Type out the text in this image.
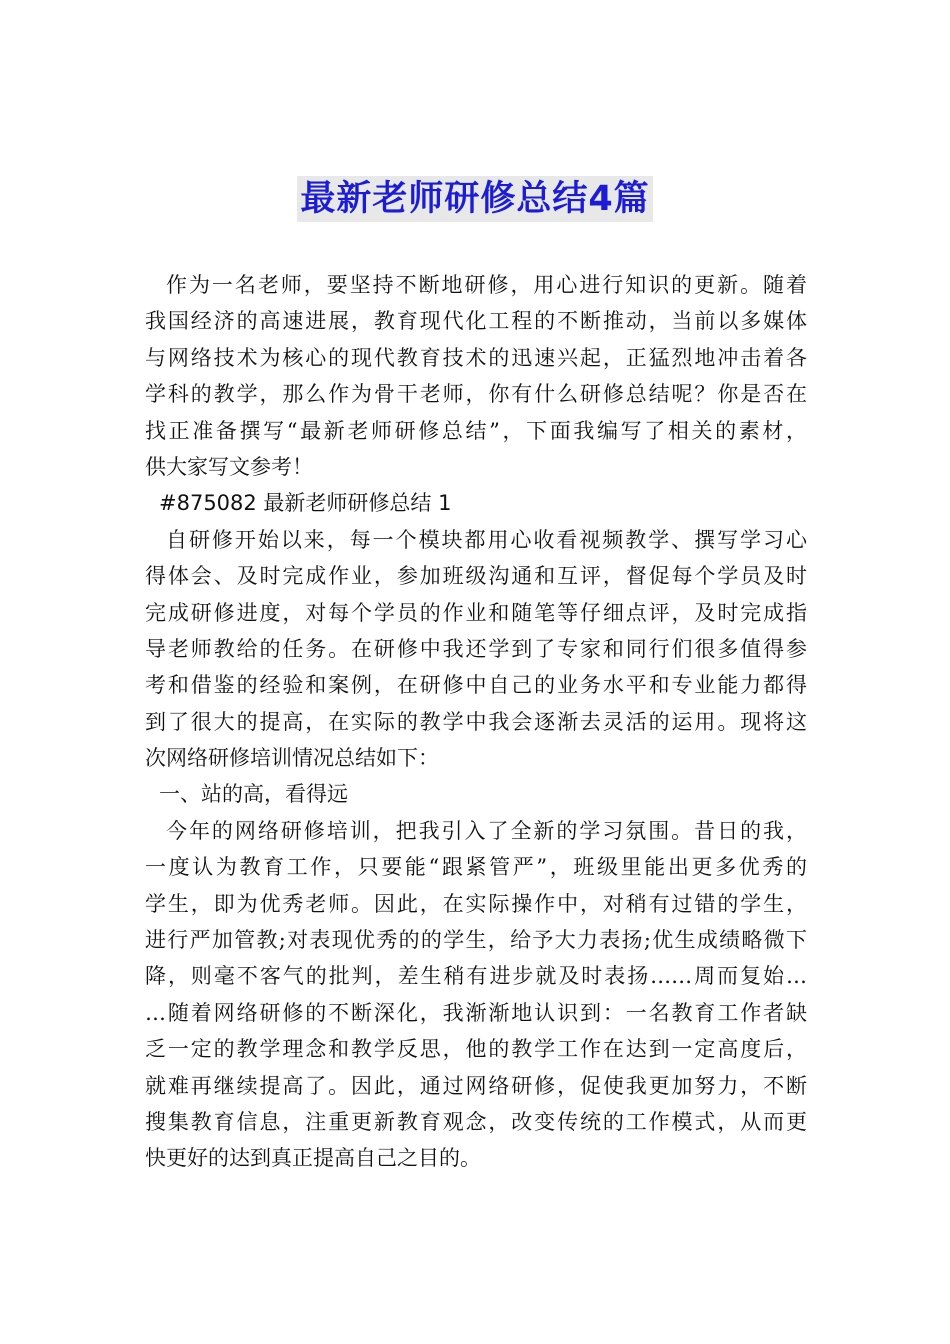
最新老师研修总结4篇
作为一名老师，要坚持不断地研修，用心进行知识的更新。随着
我国经济的高速进展，教育现代化工程的不断推动，当前以多媒体
与网络技术为核心的现代教育技术的迅速兴起，正猛烈地冲击着各
学科的教学，那么作为骨干老师，你有什么研修总结呢？你是否在
找正准备撰写“最新老师研修总结”，下面我编写了相关的素材，
供大家写文参考！
#875082 最新老师研修总结 1
自研修开始以来，每一个模块都用心收看视频教学、撰写学习心
得体会、及时完成作业，参加班级沟通和互评，督促每个学员及时
完成研修进度，对每个学员的作业和随笔等仔细点评，及时完成指
导老师教给的任务。在研修中我还学到了专家和同行们很多值得参
考和借鉴的经验和案例，在研修中自己的业务水平和专业能力都得
到了很大的提高，在实际的教学中我会逐渐去灵活的运用。现将这
次网络研修培训情况总结如下：
一、站的高，看得远
今年的网络研修培训，把我引入了全新的学习氛围。昔日的我，
一度认为教育工作，只要能“跟紧管严”，班级里能出更多优秀的
学生，即为优秀老师。因此，在实际操作中，对稍有过错的学生，
进行严加管教;对表现优秀的的学生，给予大力表扬;优生成绩略微下
降，则毫不客气的批判，差生稍有进步就及时表扬……周而复始…
…随着网络研修的不断深化，我渐渐地认识到：一名教育工作者缺
乏一定的教学理念和教学反思，他的教学工作在达到一定高度后，
就难再继续提高了。因此，通过网络研修，促使我更加努力，不断
搜集教育信息，注重更新教育观念，改变传统的工作模式，从而更
快更好的达到真正提高自己之目的。
